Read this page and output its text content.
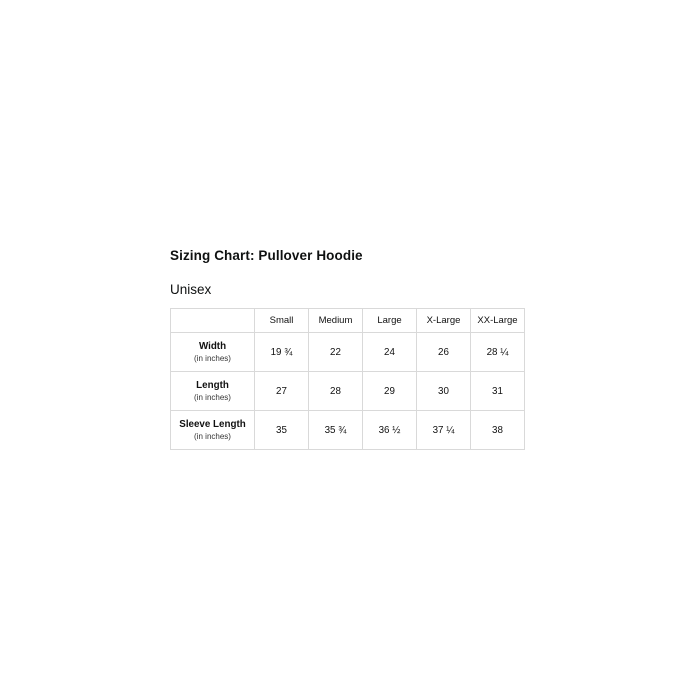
Sizing Chart: Pullover Hoodie
Unisex
	Small	Medium	Large	X-Large	XX-Large

Width
(in inches)	19 ¾	22	24	26	28 ¼

Length
(in inches)	27	28	29	30	31

Sleeve Length
(in inches)	35	35 ¾	36 ½	37 ¼	38
